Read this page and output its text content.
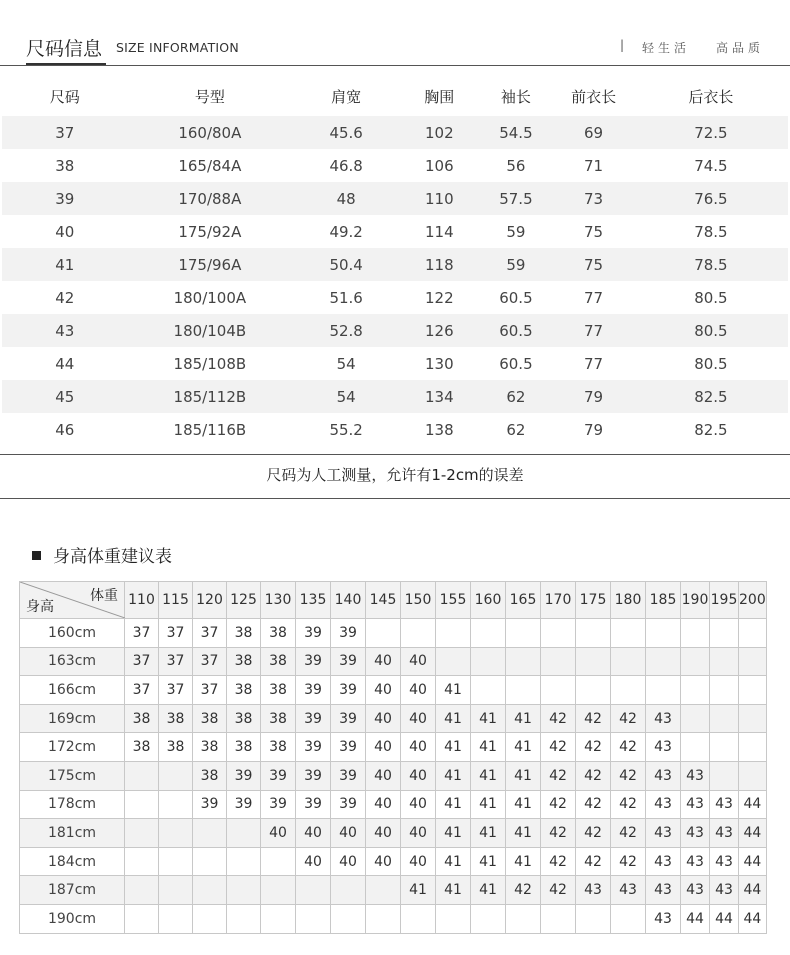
尺码信息 SIZE INFORMATION	| 轻生活 高品质
尺码	号型	肩宽	胸围	袖长	前衣长	后衣长
37	160/80A	45.6	102	54.5	69	72.5
38	165/84A	46.8	106	56	71	74.5
39	170/88A	48	110	57.5	73	76.5
40	175/92A	49.2	114	59	75	78.5
41	175/96A	50.4	118	59	75	78.5
42	180/100A	51.6	122	60.5	77	80.5
43	180/104B	52.8	126	60.5	77	80.5
44	185/108B	54	130	60.5	77	80.5
45	185/112B	54	134	62	79	82.5
46	185/116B	55.2	138	62	79	82.5
尺码为人工测量，允许有1-2cm的误差
身高体重建议表
体重
身高	110	115	120	125	130	135	140	145	150	155	160	165	170	175	180	185	190	195	200
160cm	37	37	37	38	38	39	39												
163cm	37	37	37	38	38	39	39	40	40										
166cm	37	37	37	38	38	39	39	40	40	41									
169cm	38	38	38	38	38	39	39	40	40	41	41	41	42	42	42	43			
172cm	38	38	38	38	38	39	39	40	40	41	41	41	42	42	42	43			
175cm			38	39	39	39	39	40	40	41	41	41	42	42	42	43	43		
178cm			39	39	39	39	39	40	40	41	41	41	42	42	42	43	43	43	44
181cm					40	40	40	40	40	41	41	41	42	42	42	43	43	43	44
184cm						40	40	40	40	41	41	41	42	42	42	43	43	43	44
187cm									41	41	41	42	42	43	43	43	43	43	44
190cm																43	44	44	44
